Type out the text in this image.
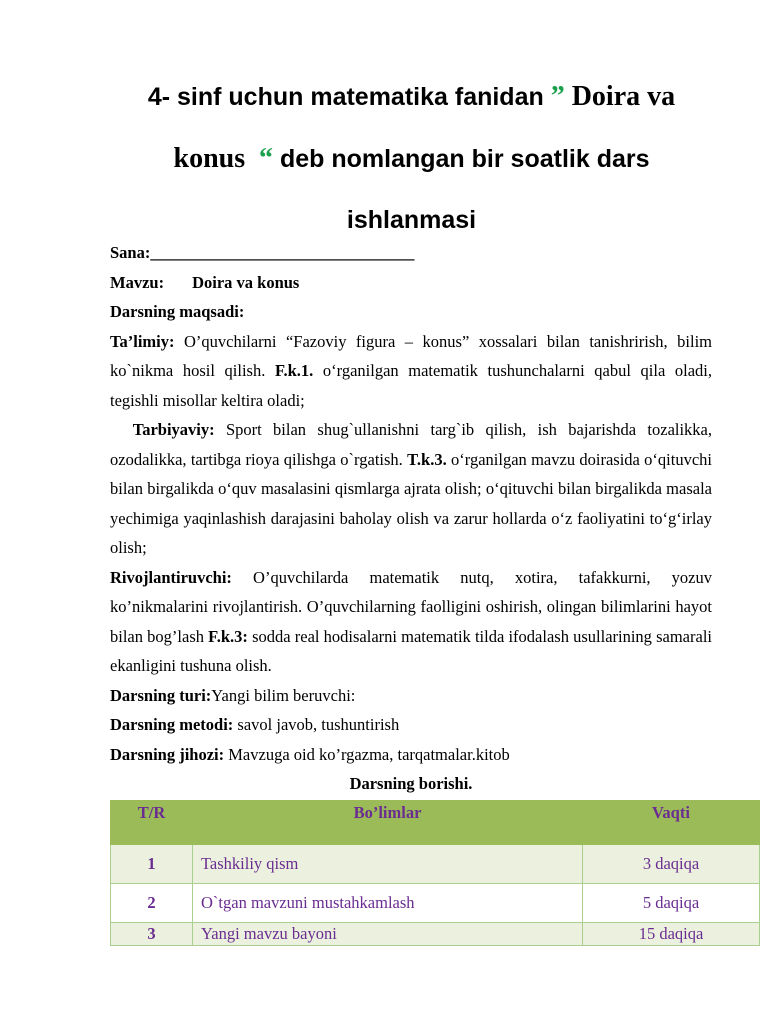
4- sinf uchun matematika fanidan ” Doira va
konus “ deb nomlangan bir soatlik dars
ishlanmasi

Sana:________________________________

Mavzu: Doira va konus

Darsning maqsadi:

Ta’limiy: O’quvchilarni “Fazoviy figura – konus” xossalari bilan tanishrirish, bilim ko`nikma hosil qilish. F.k.1. o‘rganilgan matematik tushunchalarni qabul qila oladi, tegishli misollar keltira oladi;

Tarbiyaviy: Sport bilan shug`ullanishni targ`ib qilish, ish bajarishda tozalikka, ozodalikka, tartibga rioya qilishga o`rgatish. T.k.3. o‘rganilgan mavzu doirasida o‘qituvchi bilan birgalikda o‘quv masalasini qismlarga ajrata olish; o‘qituvchi bilan birgalikda masala yechimiga yaqinlashish darajasini baholay olish va zarur hollarda o‘z faoliyatini to‘g‘irlay olish;

Rivojlantiruvchi: O’quvchilarda matematik nutq, xotira, tafakkurni, yozuv ko’nikmalarini rivojlantirish. O’quvchilarning faolligini oshirish, olingan bilimlarini hayot bilan bog’lash F.k.3: sodda real hodisalarni matematik tilda ifodalash usullarining samarali ekanligini tushuna olish.

Darsning turi:Yangi bilim beruvchi:

Darsning metodi: savol javob, tushuntirish

Darsning jihozi: Mavzuga oid ko’rgazma, tarqatmalar.kitob

Darsning borishi.

T/R	Bo’limlar	Vaqti
1	Tashkiliy qism	3 daqiqa
2	O`tgan mavzuni mustahkamlash	5 daqiqa
3	Yangi mavzu bayoni	15 daqiqa
